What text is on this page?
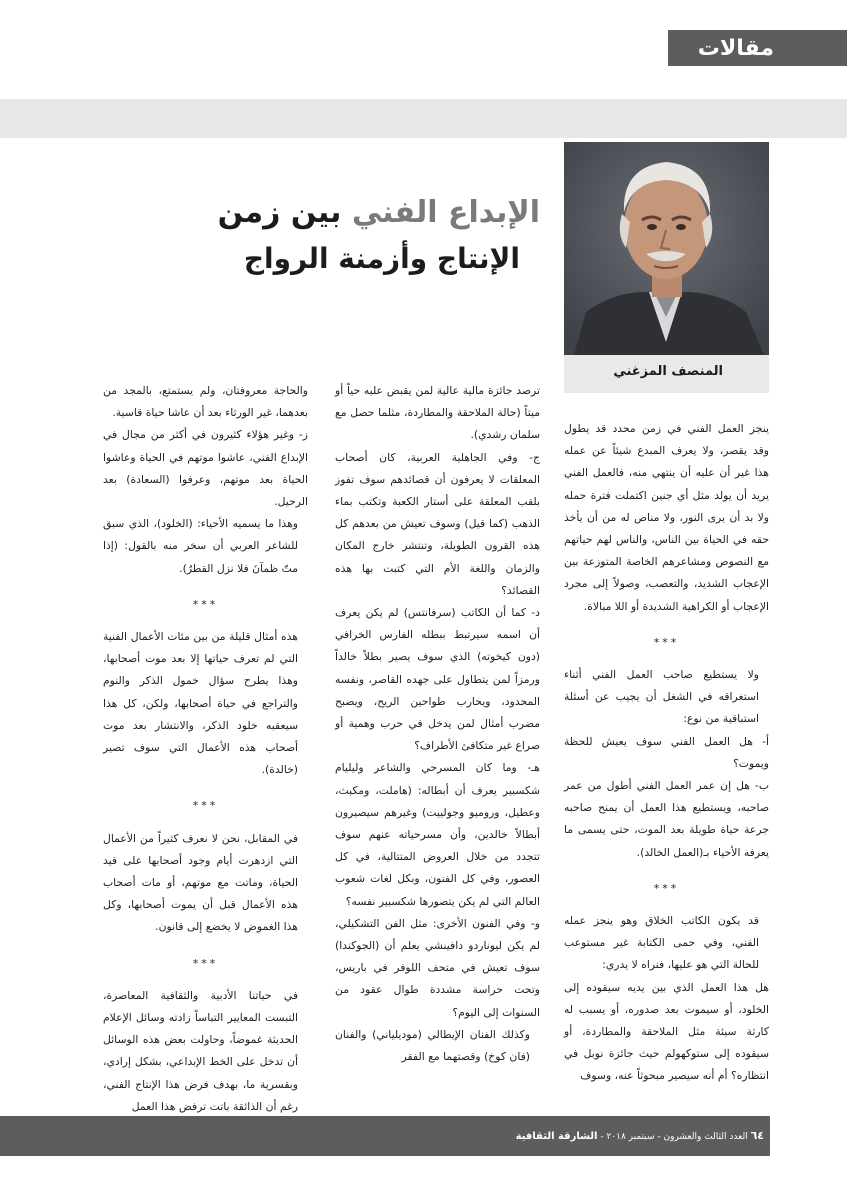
مقالات
الإبداع الفني بين زمن
الإنتاج وأزمنة الرواج
المنصف المزغني

ينجز العمل الفني في زمن محدد قد يطول وقد يقصر، ولا يعرف المبدع شيئاً عن عمله هذا غير أن عليه أن ينتهي منه، فالعمل الفني يريد أن يولد مثل أي جنين اكتملت فترة حمله ولا بد أن يرى النور، ولا مناص له من أن يأخذ حقه في الحياة بين الناس، والناس لهم حياتهم مع النصوص ومشاعرهم الخاصة المتوزعة بين الإعجاب الشديد، والتعصب، وصولاً إلى مجرد الإعجاب أو الكراهية الشديدة أو اللا مبالاة.

***

ولا يستطيع صاحب العمل الفني أثناء استغراقه في الشغل أن يجيب عن أسئلة استباقية من نوع:

أ- هل العمل الفني سوف يعيش للحظة ويموت؟

ب- هل إن عمر العمل الفني أطول من عمر صاحبه، ويستطيع هذا العمل أن يمنح صاحبه جرعة حياة طويلة بعد الموت، حتى يسمى ما يعرفه الأحياء بـ(العمل الخالد).

***

قد يكون الكاتب الخلاق وهو ينجز عمله الفني، وفي حمى الكتابة غير مستوعب للحالة التي هو عليها، فنراه لا يدري:

هل هذا العمل الذي بين يديه سيقوده إلى الخلود، أو سيموت بعد صدوره، أو يسبب له كارثة سيئة مثل الملاحقة والمطاردة، أو سيقوده إلى ستوكهولم حيث جائزة نوبل في انتظاره؟ أم أنه سيصير مبحوثاً عنه، وسوف

ترصد جائزة مالية عالية لمن يقبض عليه حياً أو ميتاً (حالة الملاحقة والمطاردة، مثلما حصل مع سلمان رشدي).

ج- وفي الجاهلية العربية، كان أصحاب المعلقات لا يعرفون أن قصائدهم سوف تفوز بلقب المعلقة على أستار الكعبة وتكتب بماء الذهب (كما قيل) وسوف تعيش من بعدهم كل هذه القرون الطويلة، وتنتشر خارج المكان والزمان واللغة الأم التي كتبت بها هذه القصائد؟

د- كما أن الكاتب (سرفانتس) لم يكن يعرف أن اسمه سيرتبط ببطله الفارس الخرافي (دون كيخوته) الذي سوف يصير بطلاً خالداً ورمزاً لمن يتطاول على جهده القاصر، ونفسه المحدود، ويحارب طواحين الريح، ويصبح مضرب أمثال لمن يدخل في حرب وهمية أو صراع غير متكافئ الأطراف؟

هـ- وما كان المسرحي والشاعر وليليام شكسبير يعرف أن أبطاله: (هاملت، ومكبث، وعطيل، وروميو وجولييت) وغيرهم سيصيرون أبطالاً خالدين، وأن مسرحياته عنهم سوف تتجدد من خلال العروض المتتالية، في كل العصور، وفي كل الفنون، وبكل لغات شعوب العالم التي لم يكن يتصورها شكسبير نفسه؟

و- وفي الفنون الأخرى: مثل الفن التشكيلي، لم يكن ليوناردو دافينشي يعلم أن (الجوكندا) سوف تعيش في متحف اللوفر في باريس، وتحت حراسة مشددة طوال عقود من السنوات إلى اليوم؟

وكذلك الفنان الإيطالي (موديلياني) والفنان (فان كوخ) وقصتهما مع الفقر

والحاجة معروفتان، ولم يستمتع، بالمجد من بعدهما، غير الورثاء بعد أن عاشا حياة قاسية.

ز- وغير هؤلاء كثيرون في أكثر من مجال في الإبداع الفني، عاشوا موتهم في الحياة وعاشوا الحياة بعد موتهم، وعرفوا (السعادة) بعد الرحيل.

وهذا ما يسميه الأحياء: (الخلود)، الذي سبق للشاعر العربي أن سخر منه بالقول: (إذا متّ ظمآنَ فلا نزل القطرُ).

***

هذه أمثال قليلة من بين مئات الأعمال الفنية التي لم تعرف حياتها إلا بعد موت أصحابها، وهذا يطرح سؤال خمول الذكر والنوم والتراجع في حياة أصحابها، ولكن، كل هذا سيعقبه خلود الذكر، والانتشار بعد موت أصحاب هذه الأعمال التي سوف تصير (خالدة).

***

في المقابل، نحن لا نعرف كثيراً من الأعمال التي ازدهرت أيام وجود أصحابها على قيد الحياة، وماتت مع موتهم، أو مات أصحاب هذه الأعمال قبل أن يموت أصحابها، وكل هذا الغموض لا يخضع إلى قانون.

***

في حياتنا الأدبية والثقافية المعاصرة، التبست المعايير التباساً زادته وسائل الإعلام الحديثة غموضاً، وحاولت بعض هذه الوسائل أن تدخل على الخط الإبداعي، بشكل إرادي، وبقسرية ما، بهدف فرض هذا الإنتاج الفني، رغم أن الذائقة باتت ترفض هذا العمل

٦٤ العدد الثالث والعشرون - سبتمبر ٢٠١٨ - الشارقة الثقافية
